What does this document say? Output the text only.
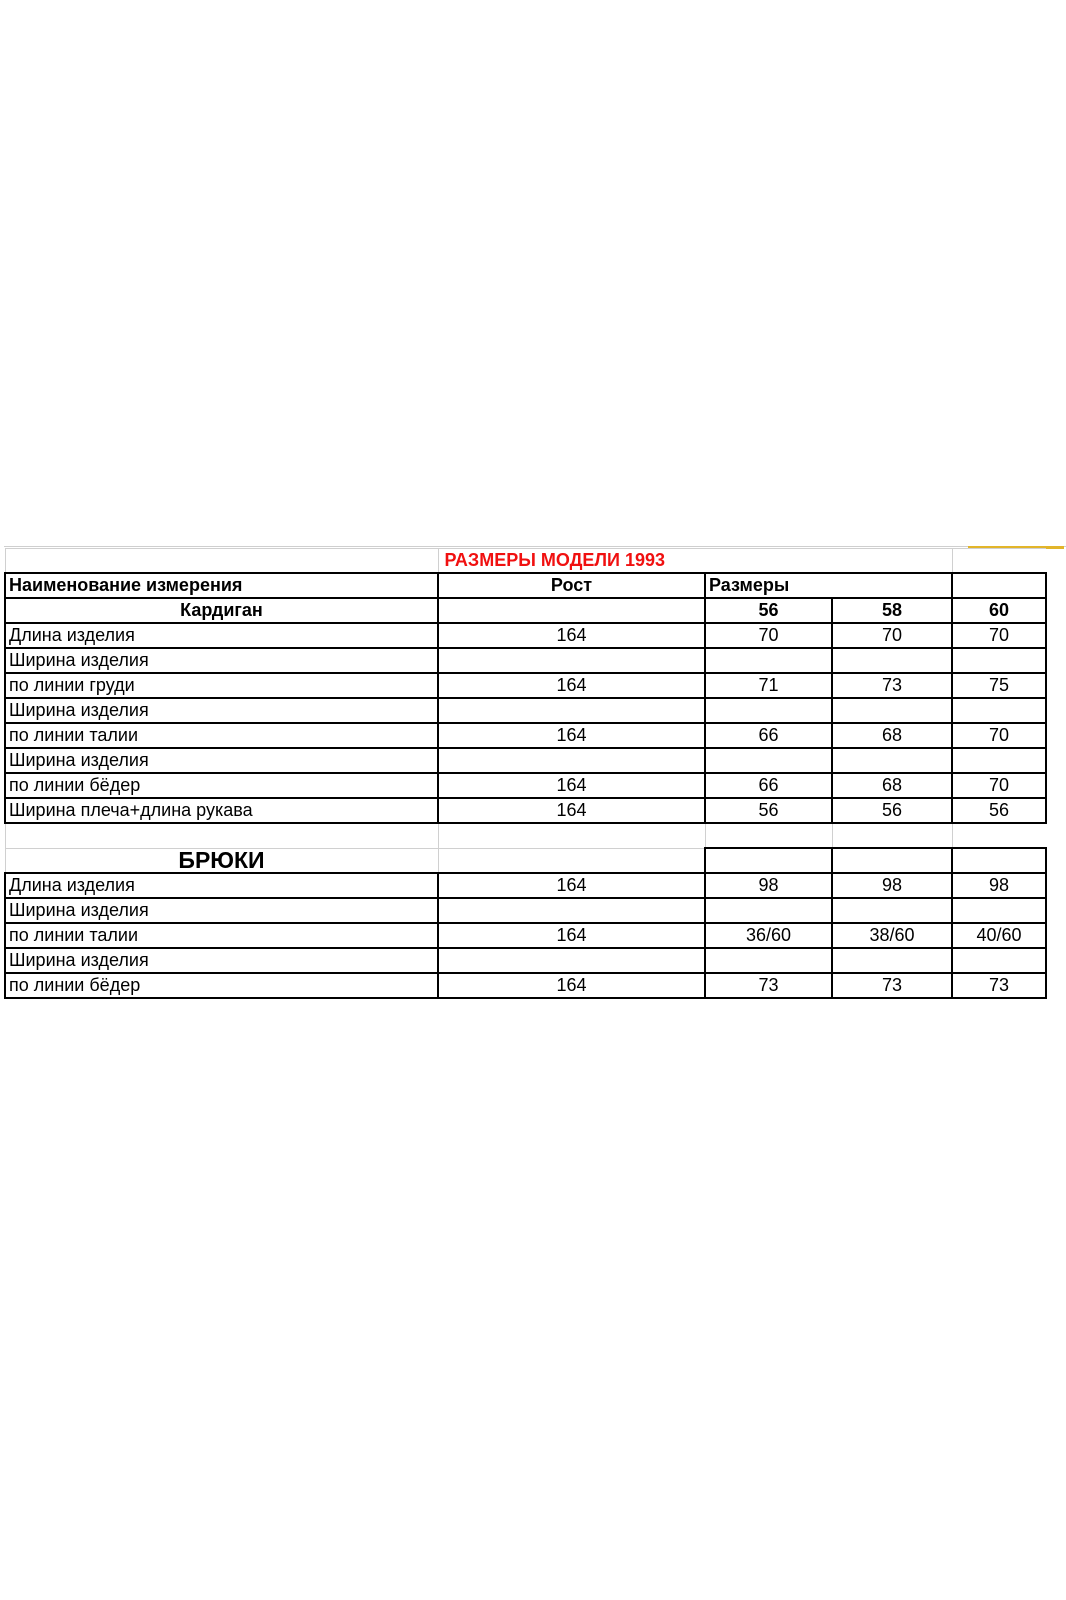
	РАЗМЕРЫ МОДЕЛИ 1993			
Наименование измерения	Рост	Размеры		
Кардиган		56	58	60
Длина изделия	164	70	70	70
Ширина изделия				
по линии груди	164	71	73	75
Ширина изделия				
по линии талии	164	66	68	70
Ширина изделия				
по линии бёдер	164	66	68	70
Ширина плеча+длина рукава	164	56	56	56

БРЮКИ				
Длина изделия	164	98	98	98
Ширина изделия				
по линии талии	164	36/60	38/60	40/60
Ширина изделия				
по линии бёдер	164	73	73	73
